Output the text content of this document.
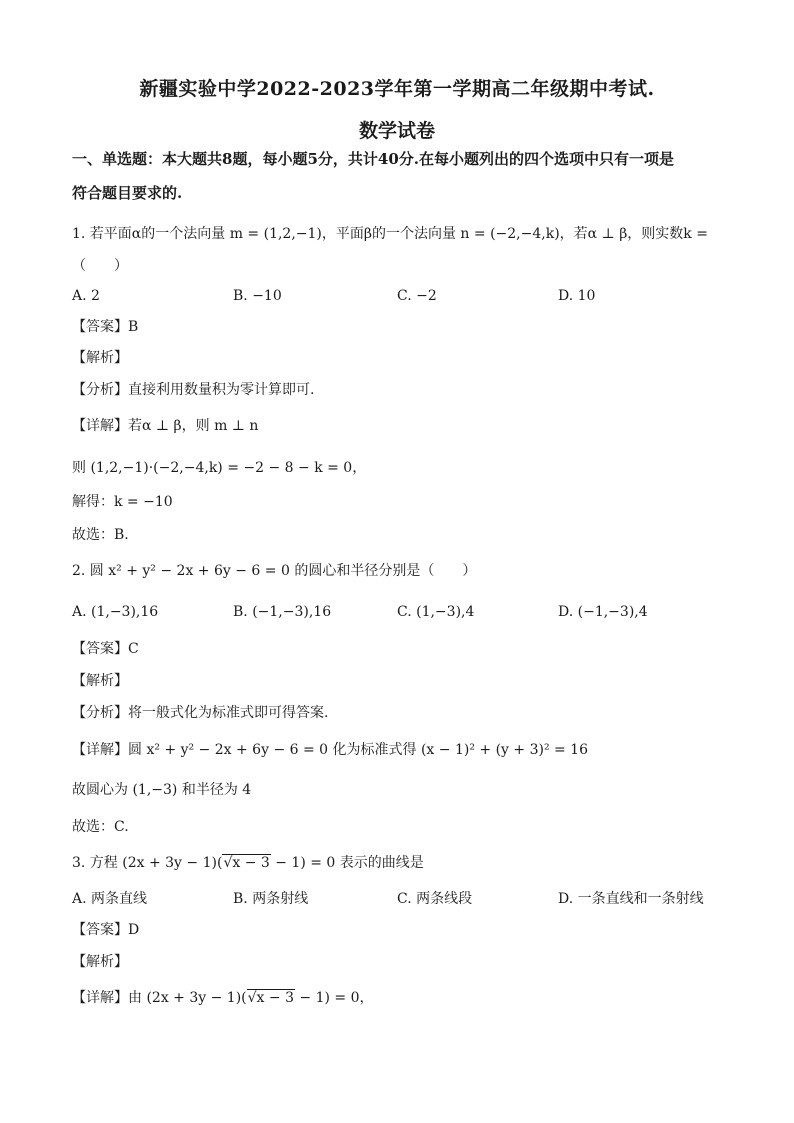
新疆实验中学2022-2023学年第一学期高二年级期中考试.
数学试卷
一、单选题：本大题共8题，每小题5分，共计40分.在每小题列出的四个选项中只有一项是
符合题目要求的.
1. 若平面α的一个法向量 m = (1,2,−1)，平面β的一个法向量 n = (−2,−4,k)，若α ⊥ β，则实数k =
（　　）
A. 2	B. −10	C. −2	D. 10
【答案】B
【解析】
【分析】直接利用数量积为零计算即可.
【详解】若α ⊥ β，则 m ⊥ n
则 (1,2,−1)·(−2,−4,k) = −2 − 8 − k = 0，
解得：k = −10
故选：B.
2. 圆 x² + y² − 2x + 6y − 6 = 0 的圆心和半径分别是（　　）
A. (1,−3),16	B. (−1,−3),16	C. (1,−3),4	D. (−1,−3),4
【答案】C
【解析】
【分析】将一般式化为标准式即可得答案.
【详解】圆 x² + y² − 2x + 6y − 6 = 0 化为标准式得 (x − 1)² + (y + 3)² = 16
故圆心为 (1,−3) 和半径为 4
故选：C.
3. 方程 (2x + 3y − 1)(√x − 3 − 1) = 0 表示的曲线是
A. 两条直线	B. 两条射线	C. 两条线段	D. 一条直线和一条射线
【答案】D
【解析】
【详解】由 (2x + 3y − 1)(√x − 3 − 1) = 0，
